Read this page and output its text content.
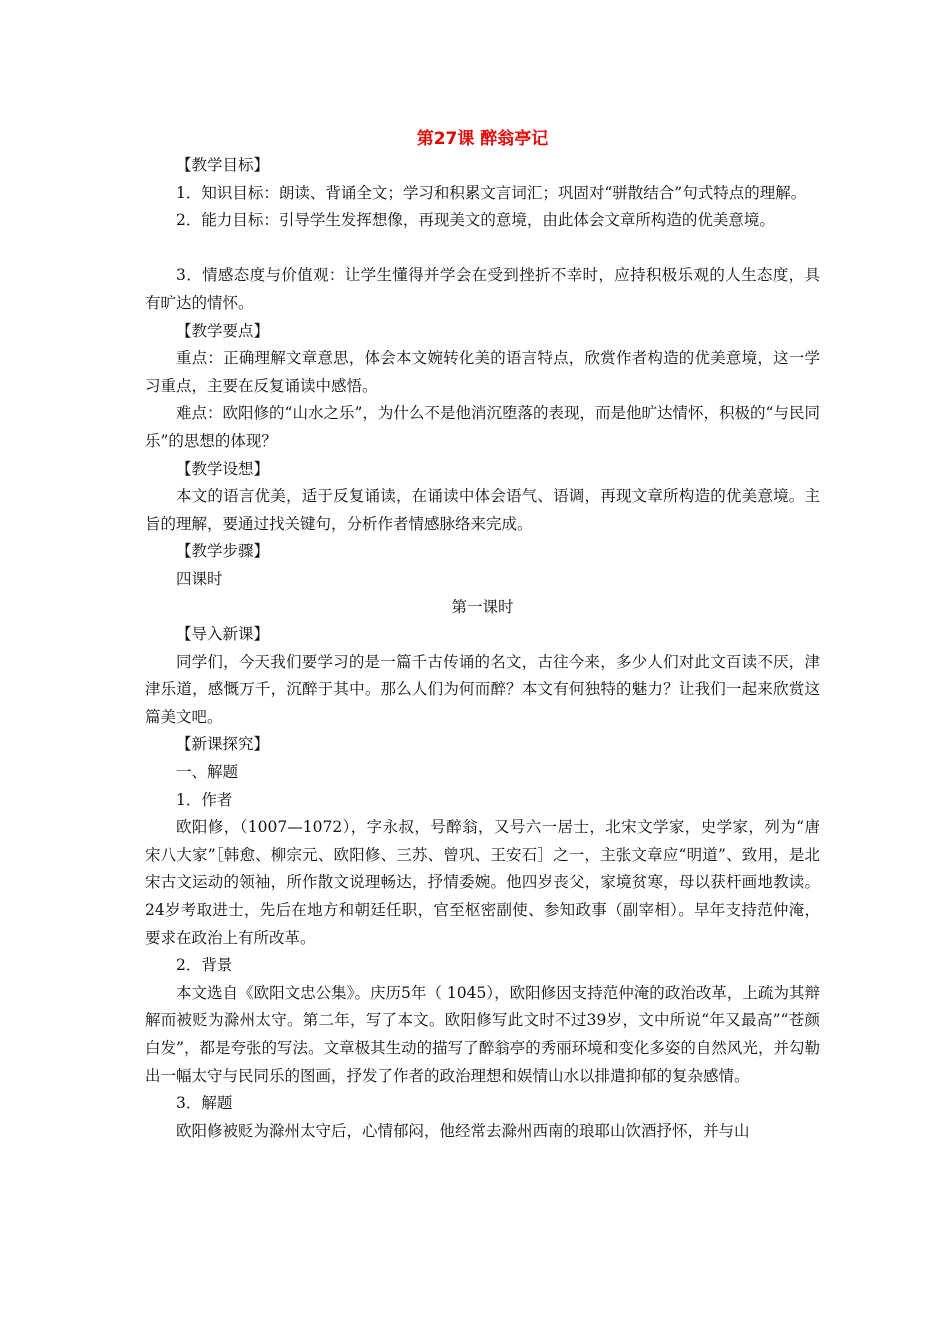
第27课 醉翁亭记
【教学目标】

1．知识目标：朗读、背诵全文；学习和积累文言词汇；巩固对“骈散结合”句式特点的理解。

2．能力目标：引导学生发挥想像，再现美文的意境，由此体会文章所构造的优美意境。

3．情感态度与价值观：让学生懂得并学会在受到挫折不幸时，应持积极乐观的人生态度，具有旷达的情怀。

【教学要点】

重点：正确理解文章意思，体会本文婉转化美的语言特点，欣赏作者构造的优美意境，这一学习重点，主要在反复诵读中感悟。

难点：欧阳修的“山水之乐”，为什么不是他消沉堕落的表现，而是他旷达情怀，积极的“与民同乐”的思想的体现？

【教学设想】

本文的语言优美，适于反复诵读，在诵读中体会语气、语调，再现文章所构造的优美意境。主旨的理解，要通过找关键句，分析作者情感脉络来完成。

【教学步骤】
四课时
第一课时
【导入新课】

同学们，今天我们要学习的是一篇千古传诵的名文，古往今来，多少人们对此文百读不厌，津津乐道，感慨万千，沉醉于其中。那么人们为何而醉？本文有何独特的魅力？让我们一起来欣赏这篇美文吧。

【新课探究】
一、解题
1．作者

欧阳修，（1007—1072），字永叔，号醉翁，又号六一居士，北宋文学家，史学家，列为“唐宋八大家”［韩愈、柳宗元、欧阳修、三苏、曾巩、王安石］之一，主张文章应“明道”、致用，是北宋古文运动的领袖，所作散文说理畅达，抒情委婉。他四岁丧父，家境贫寒，母以获杆画地教读。24岁考取进士，先后在地方和朝廷任职，官至枢密副使、参知政事（副宰相）。早年支持范仲淹，要求在政治上有所改革。

2．背景

本文选自《欧阳文忠公集》。庆历5年（ 1045），欧阳修因支持范仲淹的政治改革，上疏为其辩解而被贬为滁州太守。第二年，写了本文。欧阳修写此文时不过39岁，文中所说“年又最高”“苍颜白发”，都是夸张的写法。文章极其生动的描写了醉翁亭的秀丽环境和变化多姿的自然风光，并勾勒出一幅太守与民同乐的图画，抒发了作者的政治理想和娱情山水以排遣抑郁的复杂感情。

3．解题

欧阳修被贬为滁州太守后，心情郁闷，他经常去滁州西南的琅耶山饮酒抒怀，并与山
